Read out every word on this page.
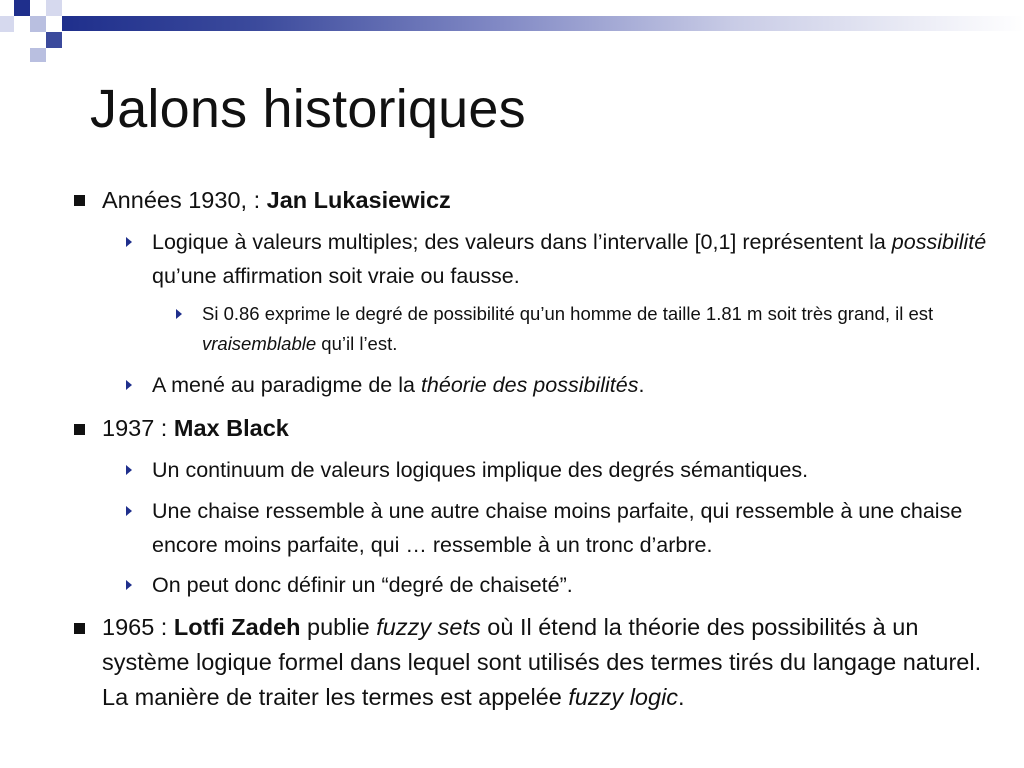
Jalons historiques
Années 1930, : Jan Lukasiewicz
Logique à valeurs multiples; des valeurs dans l’intervalle [0,1] représentent la possibilité qu’une affirmation soit vraie ou fausse.
Si 0.86 exprime le degré de possibilité qu’un homme de taille 1.81 m soit très grand, il est vraisemblable qu’il l’est.
A mené au paradigme de la théorie des possibilités.
1937 : Max Black
Un continuum de valeurs logiques implique des degrés sémantiques.
Une chaise ressemble à une autre chaise moins parfaite, qui ressemble à une chaise encore moins parfaite, qui … ressemble à un tronc d’arbre.
On peut donc définir un “degré de chaiseté”.
1965 : Lotfi Zadeh publie fuzzy sets où Il étend la théorie des possibilités à un système logique formel dans lequel sont utilisés des termes tirés du langage naturel. La manière de traiter les termes est appelée fuzzy logic.
